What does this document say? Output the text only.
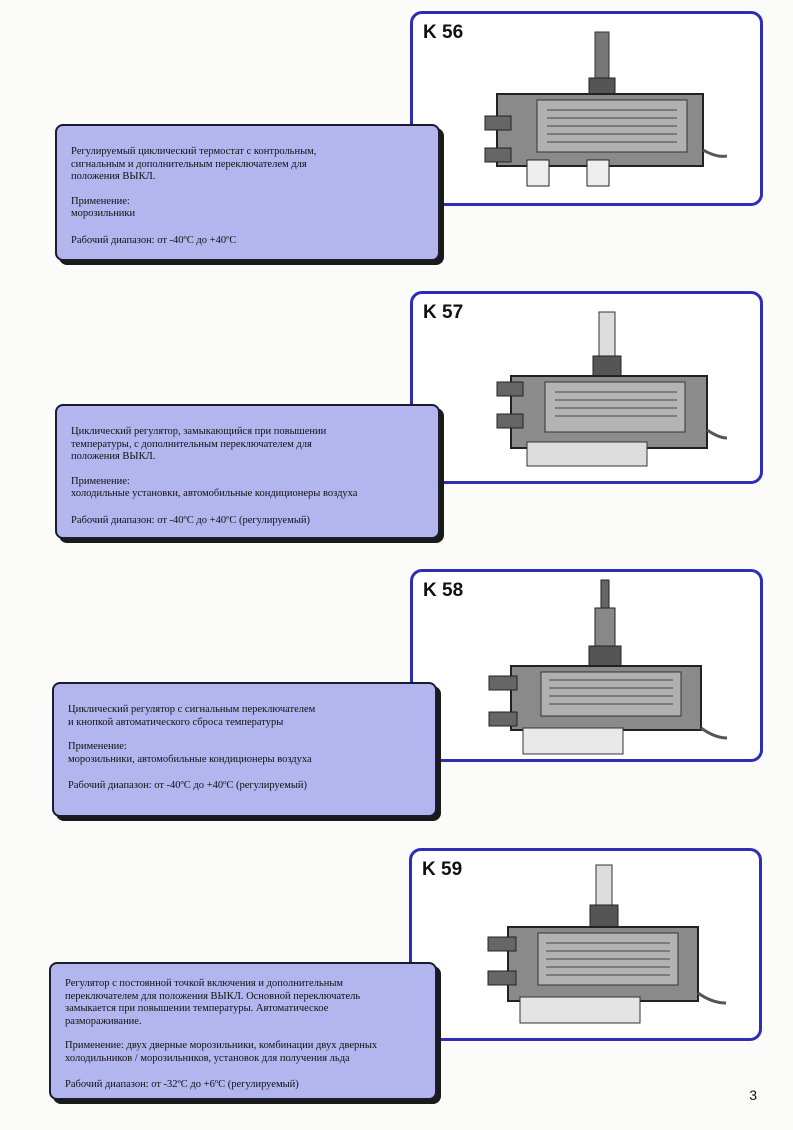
K 56

Регулируемый циклический термостат с контрольным,
сигнальным и дополнительным переключателем для
положения ВЫКЛ.

Применение:
морозильники

Рабочий диапазон: от -40ºC до +40ºC

K 57

Циклический регулятор, замыкающийся при повышении
температуры, с дополнительным переключателем для
положения ВЫКЛ.

Применение:
холодильные установки, автомобильные кондиционеры воздуха

Рабочий диапазон: от -40ºC до +40ºC (регулируемый)

K 58

Циклический регулятор с сигнальным переключателем
и кнопкой автоматического сброса температуры

Применение:
морозильники, автомобильные кондиционеры воздуха

Рабочий диапазон: от -40ºC до +40ºC (регулируемый)

K 59

Регулятор с постоянной точкой включения и дополнительным
переключателем для положения ВЫКЛ. Основной переключатель
замыкается при повышении температуры. Автоматическое
размораживание.

Применение: двух дверные морозильники, комбинации двух дверных
холодильников / морозильников, установок для получения льда

Рабочий диапазон: от -32ºC до +6ºC (регулируемый)

3
